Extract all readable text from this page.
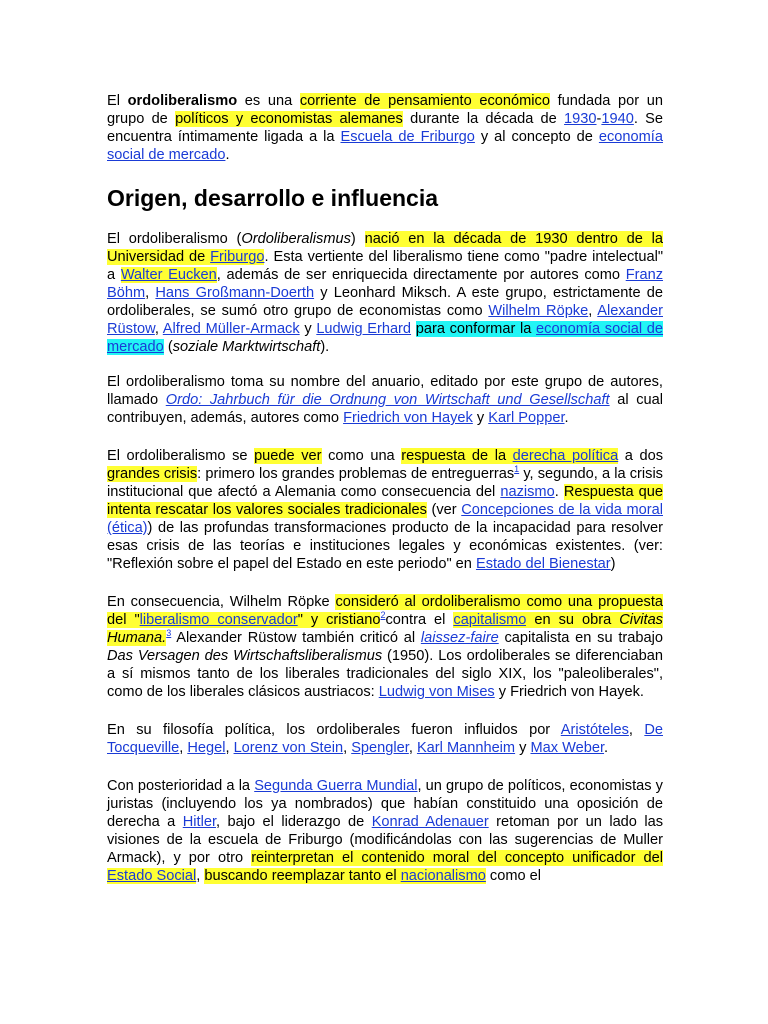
El ordoliberalismo es una corriente de pensamiento económico fundada por un grupo de políticos y economistas alemanes durante la década de 1930-1940. Se encuentra íntimamente ligada a la Escuela de Friburgo y al concepto de economía social de mercado.

Origen, desarrollo e influencia

El ordoliberalismo (Ordoliberalismus) nació en la década de 1930 dentro de la Universidad de Friburgo. Esta vertiente del liberalismo tiene como "padre intelectual" a Walter Eucken, además de ser enriquecida directamente por autores como Franz Böhm, Hans Großmann-Doerth y Leonhard Miksch. A este grupo, estrictamente de ordoliberales, se sumó otro grupo de economistas como Wilhelm Röpke, Alexander Rüstow, Alfred Müller-Armack y Ludwig Erhard para conformar la economía social de mercado (soziale Marktwirtschaft).

El ordoliberalismo toma su nombre del anuario, editado por este grupo de autores, llamado Ordo: Jahrbuch für die Ordnung von Wirtschaft und Gesellschaft al cual contribuyen, además, autores como Friedrich von Hayek y Karl Popper.

El ordoliberalismo se puede ver como una respuesta de la derecha política a dos grandes crisis: primero los grandes problemas de entreguerras$^1$ y, segundo, a la crisis institucional que afectó a Alemania como consecuencia del nazismo. Respuesta que intenta rescatar los valores sociales tradicionales (ver Concepciones de la vida moral (ética)) de las profundas transformaciones producto de la incapacidad para resolver esas crisis de las teorías e instituciones legales y económicas existentes. (ver: "Reflexión sobre el papel del Estado en este periodo" en Estado del Bienestar)

En consecuencia, Wilhelm Röpke consideró al ordoliberalismo como una propuesta del "liberalismo conservador" y cristiano$^2$contra el capitalismo en su obra Civitas Humana.$^3$ Alexander Rüstow también criticó al laissez-faire capitalista en su trabajo Das Versagen des Wirtschaftsliberalismus (1950). Los ordoliberales se diferenciaban a sí mismos tanto de los liberales tradicionales del siglo XIX, los "paleoliberales", como de los liberales clásicos austriacos: Ludwig von Mises y Friedrich von Hayek.

En su filosofía política, los ordoliberales fueron influidos por Aristóteles, De Tocqueville, Hegel, Lorenz von Stein, Spengler, Karl Mannheim y Max Weber.

Con posterioridad a la Segunda Guerra Mundial, un grupo de políticos, economistas y juristas (incluyendo los ya nombrados) que habían constituido una oposición de derecha a Hitler, bajo el liderazgo de Konrad Adenauer retoman por un lado las visiones de la escuela de Friburgo (modificándolas con las sugerencias de Muller Armack), y por otro reinterpretan el contenido moral del concepto unificador del Estado Social, buscando reemplazar tanto el nacionalismo como el
